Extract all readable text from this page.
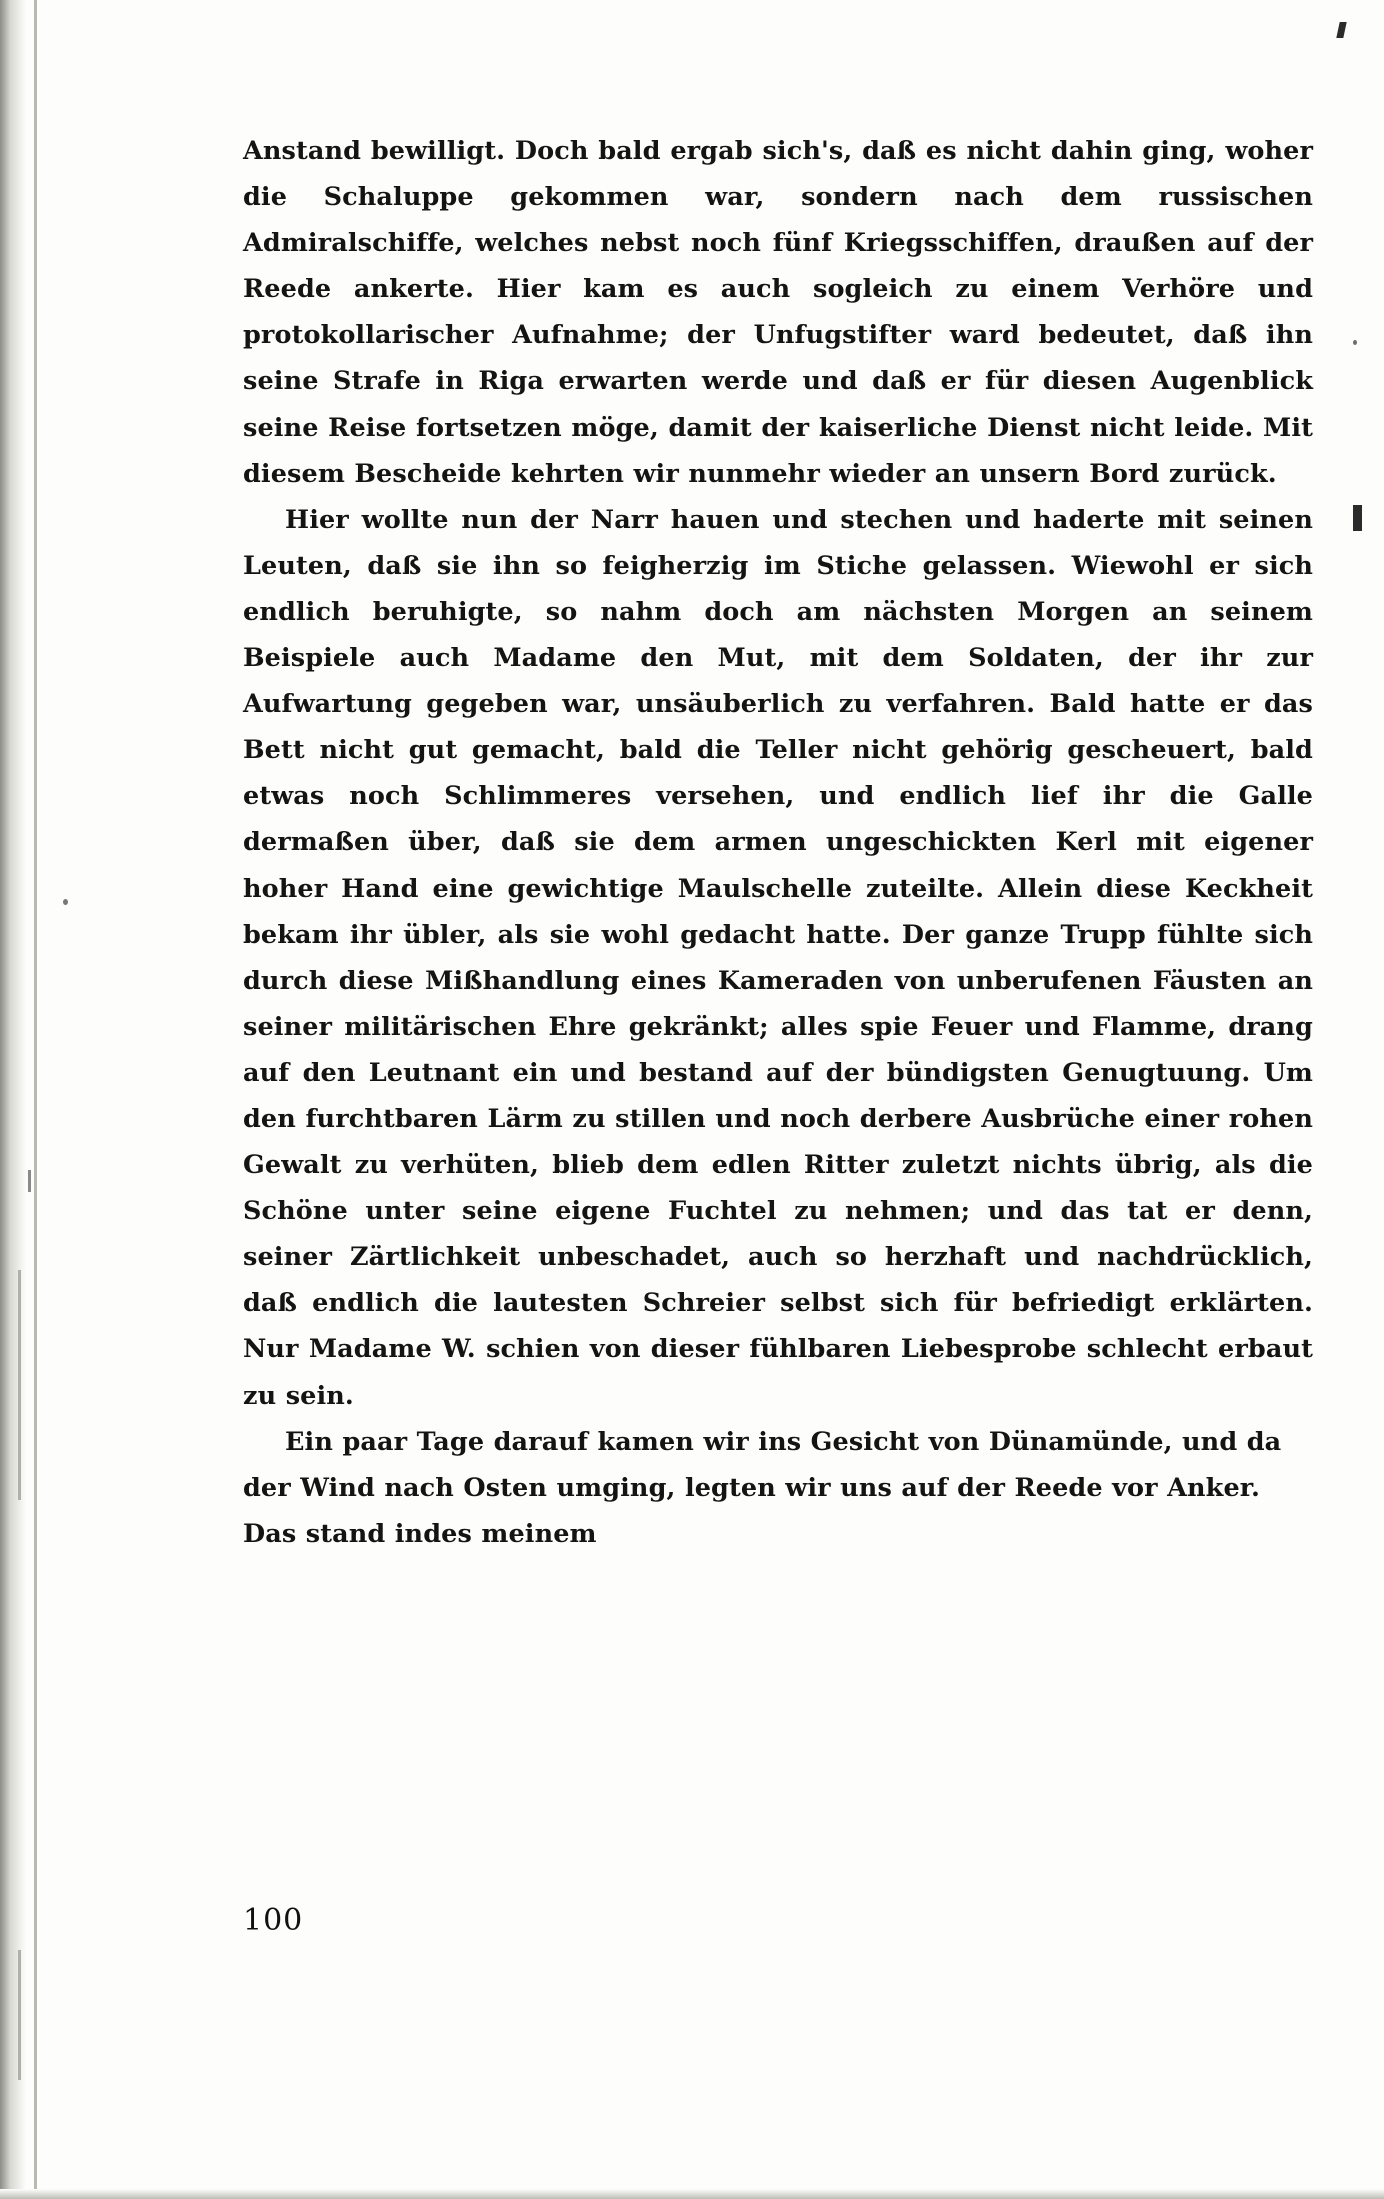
Anstand bewilligt. Doch bald ergab sich's, daß es nicht dahin ging, woher die Schaluppe gekommen war, sondern nach dem russischen Admiralschiffe, welches nebst noch fünf Kriegsschiffen, draußen auf der Reede ankerte. Hier kam es auch sogleich zu einem Verhöre und protokollarischer Aufnahme; der Unfugstifter ward bedeutet, daß ihn seine Strafe in Riga erwarten werde und daß er für diesen Augenblick seine Reise fortsetzen möge, damit der kaiserliche Dienst nicht leide. Mit diesem Bescheide kehrten wir nunmehr wieder an unsern Bord zurück.

Hier wollte nun der Narr hauen und stechen und haderte mit seinen Leuten, daß sie ihn so feigherzig im Stiche gelassen. Wiewohl er sich endlich beruhigte, so nahm doch am nächsten Morgen an seinem Beispiele auch Madame den Mut, mit dem Soldaten, der ihr zur Aufwartung gegeben war, unsäuberlich zu verfahren. Bald hatte er das Bett nicht gut gemacht, bald die Teller nicht gehörig gescheuert, bald etwas noch Schlimmeres versehen, und endlich lief ihr die Galle dermaßen über, daß sie dem armen ungeschickten Kerl mit eigener hoher Hand eine gewichtige Maulschelle zuteilte. Allein diese Keckheit bekam ihr übler, als sie wohl gedacht hatte. Der ganze Trupp fühlte sich durch diese Mißhandlung eines Kameraden von unberufenen Fäusten an seiner militärischen Ehre gekränkt; alles spie Feuer und Flamme, drang auf den Leutnant ein und bestand auf der bündigsten Genugtuung. Um den furchtbaren Lärm zu stillen und noch derbere Ausbrüche einer rohen Gewalt zu verhüten, blieb dem edlen Ritter zuletzt nichts übrig, als die Schöne unter seine eigene Fuchtel zu nehmen; und das tat er denn, seiner Zärtlichkeit unbeschadet, auch so herzhaft und nachdrücklich, daß endlich die lautesten Schreier selbst sich für befriedigt erklärten. Nur Madame W. schien von dieser fühlbaren Liebesprobe schlecht erbaut zu sein.

Ein paar Tage darauf kamen wir ins Gesicht von Dünamünde, und da der Wind nach Osten umging, legten wir uns auf der Reede vor Anker. Das stand indes meinem

100
